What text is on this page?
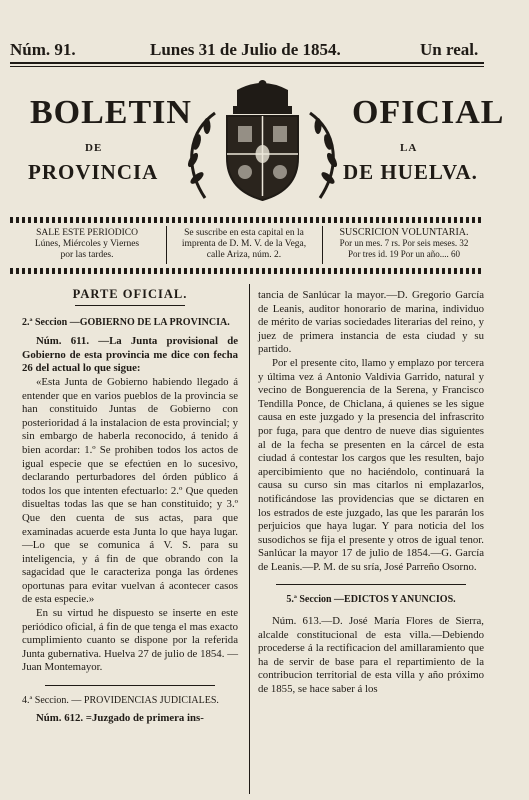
Núm. 91.	Lunes 31 de Julio de 1854.	Un real.
BOLETIN
DE
PROVINCIA
OFICIAL
LA
DE HUELVA.
SALE ESTE PERIODICO
Lúnes, Miércoles y Viernes
por las tardes.
Se suscribe en esta capital en la
imprenta de D. M. V. de la Vega,
calle Ariza, núm. 2.
SUSCRICION VOLUNTARIA.
Por un mes. 7 rs. Por seis meses. 32
Por tres id. 19 Por un año.... 60

PARTE OFICIAL.

2.ª Seccion —GOBIERNO DE LA PROVINCIA.

Núm. 611. —La Junta provisional de Gobierno de esta provincia me dice con fecha 26 del actual lo que sigue:

«Esta Junta de Gobierno habiendo llegado á entender que en varios pueblos de la provincia se han constituido Juntas de Gobierno con posterioridad á la instalacion de esta provincial; y sin embargo de haberla reconocido, á tenido á bien acordar: 1.º Se prohiben todos los actos de igual especie que se efectúen en lo sucesivo, declarando perturbadores del órden público á todos los que intenten efectuarlo: 2.º Que queden disueltas todas las que se han constituido; y 3.º Que den cuenta de sus actas, para que examinadas acuerde esta Junta lo que haya lugar.—Lo que se comunica á V. S. para su inteligencia, y á fin de que obrando con la sagacidad que le caracteriza ponga las órdenes oportunas para evitar vuelvan á acontecer casos de esta especie.»

En su virtud he dispuesto se inserte en este periódico oficial, á fin de que tenga el mas exacto cumplimiento cuanto se dispone por la referida Junta gubernativa. Huelva 27 de julio de 1854. — Juan Montemayor.

4.ª Seccion. — PROVIDENCIAS JUDICIALES.

Núm. 612. =Juzgado de primera ins-

tancia de Sanlúcar la mayor.—D. Gregorio García de Leanis, auditor honorario de marina, individuo de mérito de varias sociedades literarias del reino, y juez de primera instancia de esta ciudad y su partido.

Por el presente cito, llamo y emplazo por tercera y última vez á Antonio Valdivia Garrido, natural y vecino de Bonguerencia de la Serena, y Francisco Tendilla Ponce, de Chiclana, á quienes se les sigue causa en este juzgado y la presencia del infrascrito por fuga, para que dentro de nueve dias siguientes al de la fecha se presenten en la cárcel de esta ciudad á contestar los cargos que les resulten, bajo apercibimiento que no haciéndolo, continuará la causa su curso sin mas citarlos ni emplazarlos, notificándose las providencias que se dictaren en los estrados de este juzgado, las que les pararán los perjuicios que haya lugar. Y para noticia del los susodichos se fija el presente y otros de igual tenor. Sanlúcar la mayor 17 de julio de 1854.—G. García de Leanis.—P. M. de su sría, José Parreño Osorno.

5.ª Seccion —EDICTOS Y ANUNCIOS.

Núm. 613.—D. José María Flores de Sierra, alcalde constitucional de esta villa.—Debiendo procederse á la rectificacion del amillaramiento que ha de servir de base para el repartimiento de la contribucion territorial de esta villa y año próximo de 1855, se hace saber á los
